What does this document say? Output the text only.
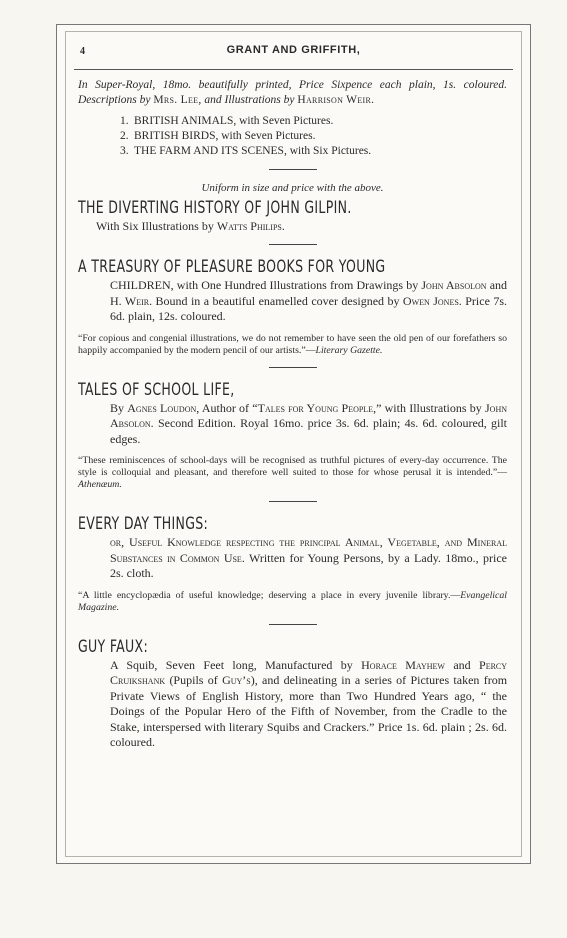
4	GRANT AND GRIFFITH,

In Super-Royal, 18mo. beautifully printed, Price Sixpence each plain, 1s. coloured. Descriptions by Mrs. Lee, and Illustrations by Harrison Weir.

1. BRITISH ANIMALS, with Seven Pictures.
2. BRITISH BIRDS, with Seven Pictures.
3. THE FARM AND ITS SCENES, with Six Pictures.

Uniform in size and price with the above.

THE DIVERTING HISTORY OF JOHN GILPIN.

With Six Illustrations by Watts Philips.

A TREASURY OF PLEASURE BOOKS FOR YOUNG

CHILDREN, with One Hundred Illustrations from Drawings by John Absolon and H. Weir. Bound in a beautiful enamelled cover designed by Owen Jones. Price 7s. 6d. plain, 12s. coloured.

“For copious and congenial illustrations, we do not remember to have seen the old pen of our forefathers so happily accompanied by the modern pencil of our artists.”—Literary Gazette.

TALES OF SCHOOL LIFE,

By Agnes Loudon, Author of “Tales for Young People,” with Illustrations by John Absolon. Second Edition. Royal 16mo. price 3s. 6d. plain; 4s. 6d. coloured, gilt edges.

“These reminiscences of school-days will be recognised as truthful pictures of every-day occurrence. The style is colloquial and pleasant, and therefore well suited to those for whose perusal it is intended.”—Athenæum.

EVERY DAY THINGS:

or, Useful Knowledge respecting the principal Animal, Vegetable, and Mineral Substances in Common Use. Written for Young Persons, by a Lady. 18mo., price 2s. cloth.

“A little encyclopædia of useful knowledge; deserving a place in every juvenile library.—Evangelical Magazine.

GUY FAUX:

A Squib, Seven Feet long, Manufactured by Horace Mayhew and Percy Cruikshank (Pupils of Guy’s), and delineating in a series of Pictures taken from Private Views of English History, more than Two Hundred Years ago, “ the Doings of the Popular Hero of the Fifth of November, from the Cradle to the Stake, interspersed with literary Squibs and Crackers.” Price 1s. 6d. plain ; 2s. 6d. coloured.
